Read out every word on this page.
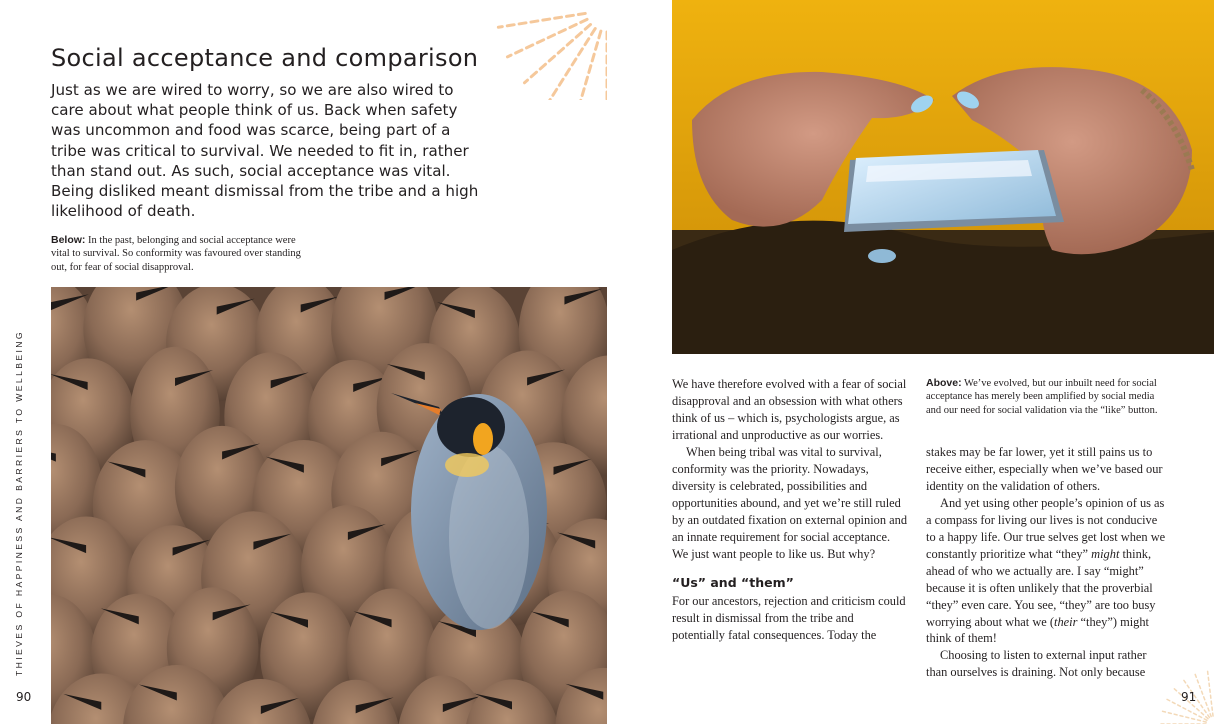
Social acceptance and comparison

Just as we are wired to worry, so we are also wired to care about what people think of us. Back when safety was uncommon and food was scarce, being part of a tribe was critical to survival. We needed to fit in, rather than stand out. As such, social acceptance was vital. Being disliked meant dismissal from the tribe and a high likelihood of death.

Below: In the past, belonging and social acceptance were vital to survival. So conformity was favoured over standing out, for fear of social disapproval.

THIEVES OF HAPPINESS AND BARRIERS TO WELLBEING
90

We have therefore evolved with a fear of social disapproval and an obsession with what others think of us – which is, psychologists argue, as irrational and unproductive as our worries.

When being tribal was vital to survival, conformity was the priority. Nowadays, diversity is celebrated, possibilities and opportunities abound, and yet we’re still ruled by an outdated fixation on external opinion and an innate requirement for social acceptance. We just want people to like us. But why?

“Us” and “them”

For our ancestors, rejection and criticism could result in dismissal from the tribe and potentially fatal consequences. Today the

Above: We’ve evolved, but our inbuilt need for social acceptance has merely been amplified by social media and our need for social validation via the “like” button.

stakes may be far lower, yet it still pains us to receive either, especially when we’ve based our identity on the validation of others.

And yet using other people’s opinion of us as a compass for living our lives is not conducive to a happy life. Our true selves get lost when we constantly prioritize what “they” might think, ahead of who we actually are. I say “might” because it is often unlikely that the proverbial “they” even care. You see, “they” are too busy worrying about what we (their “they”) might think of them!

Choosing to listen to external input rather than ourselves is draining. Not only because

91
